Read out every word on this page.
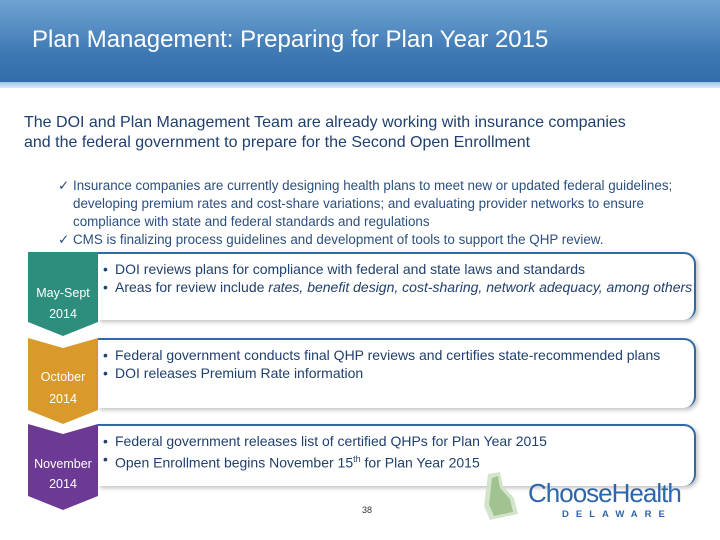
Plan Management: Preparing for Plan Year 2015
The DOI and Plan Management Team are already working with insurance companies and the federal government to prepare for the Second Open Enrollment
✓ Insurance companies are currently designing health plans to meet new or updated federal guidelines; developing premium rates and cost-share variations; and evaluating provider networks to ensure compliance with state and federal standards and regulations
✓ CMS is finalizing process guidelines and development of tools to support the QHP review.
May-Sept
2014
• DOI reviews plans for compliance with federal and state laws and standards
• Areas for review include rates, benefit design, cost-sharing, network adequacy, among others
October
2014
• Federal government conducts final QHP reviews and certifies state-recommended plans
• DOI releases Premium Rate information
November
2014
• Federal government releases list of certified QHPs for Plan Year 2015
• Open Enrollment begins November 15th for Plan Year 2015
38
ChooseHealth
DELAWARE
